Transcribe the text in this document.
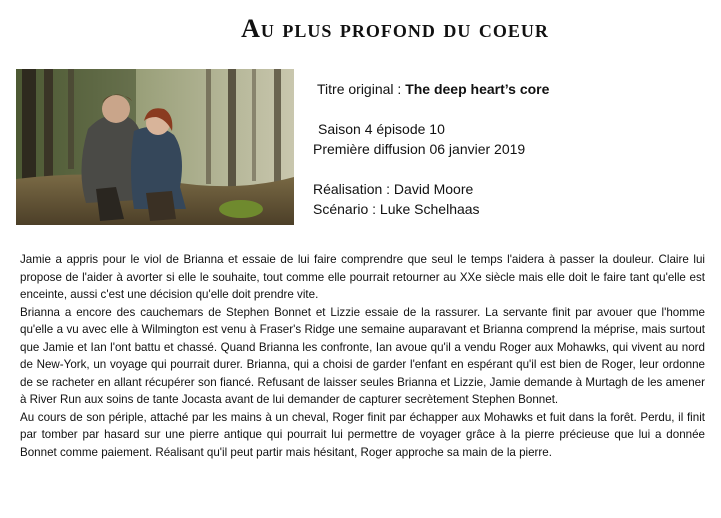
Au plus profond du coeur
Titre original : The deep heart’s core
Saison 4 épisode 10
Première diffusion 06 janvier 2019
Réalisation : David Moore
Scénario : Luke Schelhaas

Jamie a appris pour le viol de Brianna et essaie de lui faire comprendre que seul le temps l'aidera à passer la douleur. Claire lui propose de l'aider à avorter si elle le souhaite, tout comme elle pourrait retourner au XXe siècle mais elle doit le faire tant qu'elle est enceinte, aussi c'est une décision qu'elle doit prendre vite.

Brianna a encore des cauchemars de Stephen Bonnet et Lizzie essaie de la rassurer. La servante finit par avouer que l'homme qu'elle a vu avec elle à Wilmington est venu à Fraser's Ridge une semaine auparavant et Brianna comprend la méprise, mais surtout que Jamie et Ian l'ont battu et chassé. Quand Brianna les confronte, Ian avoue qu'il a vendu Roger aux Mohawks, qui vivent au nord de New-York, un voyage qui pourrait durer. Brianna, qui a choisi de garder l'enfant en espérant qu'il est bien de Roger, leur ordonne de se racheter en allant récupérer son fiancé. Refusant de laisser seules Brianna et Lizzie, Jamie demande à Murtagh de les amener à River Run aux soins de tante Jocasta avant de lui demander de capturer secrètement Stephen Bonnet.

Au cours de son périple, attaché par les mains à un cheval, Roger finit par échapper aux Mohawks et fuit dans la forêt. Perdu, il finit par tomber par hasard sur une pierre antique qui pourrait lui permettre de voyager grâce à la pierre précieuse que lui a donnée Bonnet comme paiement. Réalisant qu'il peut partir mais hésitant, Roger approche sa main de la pierre.
